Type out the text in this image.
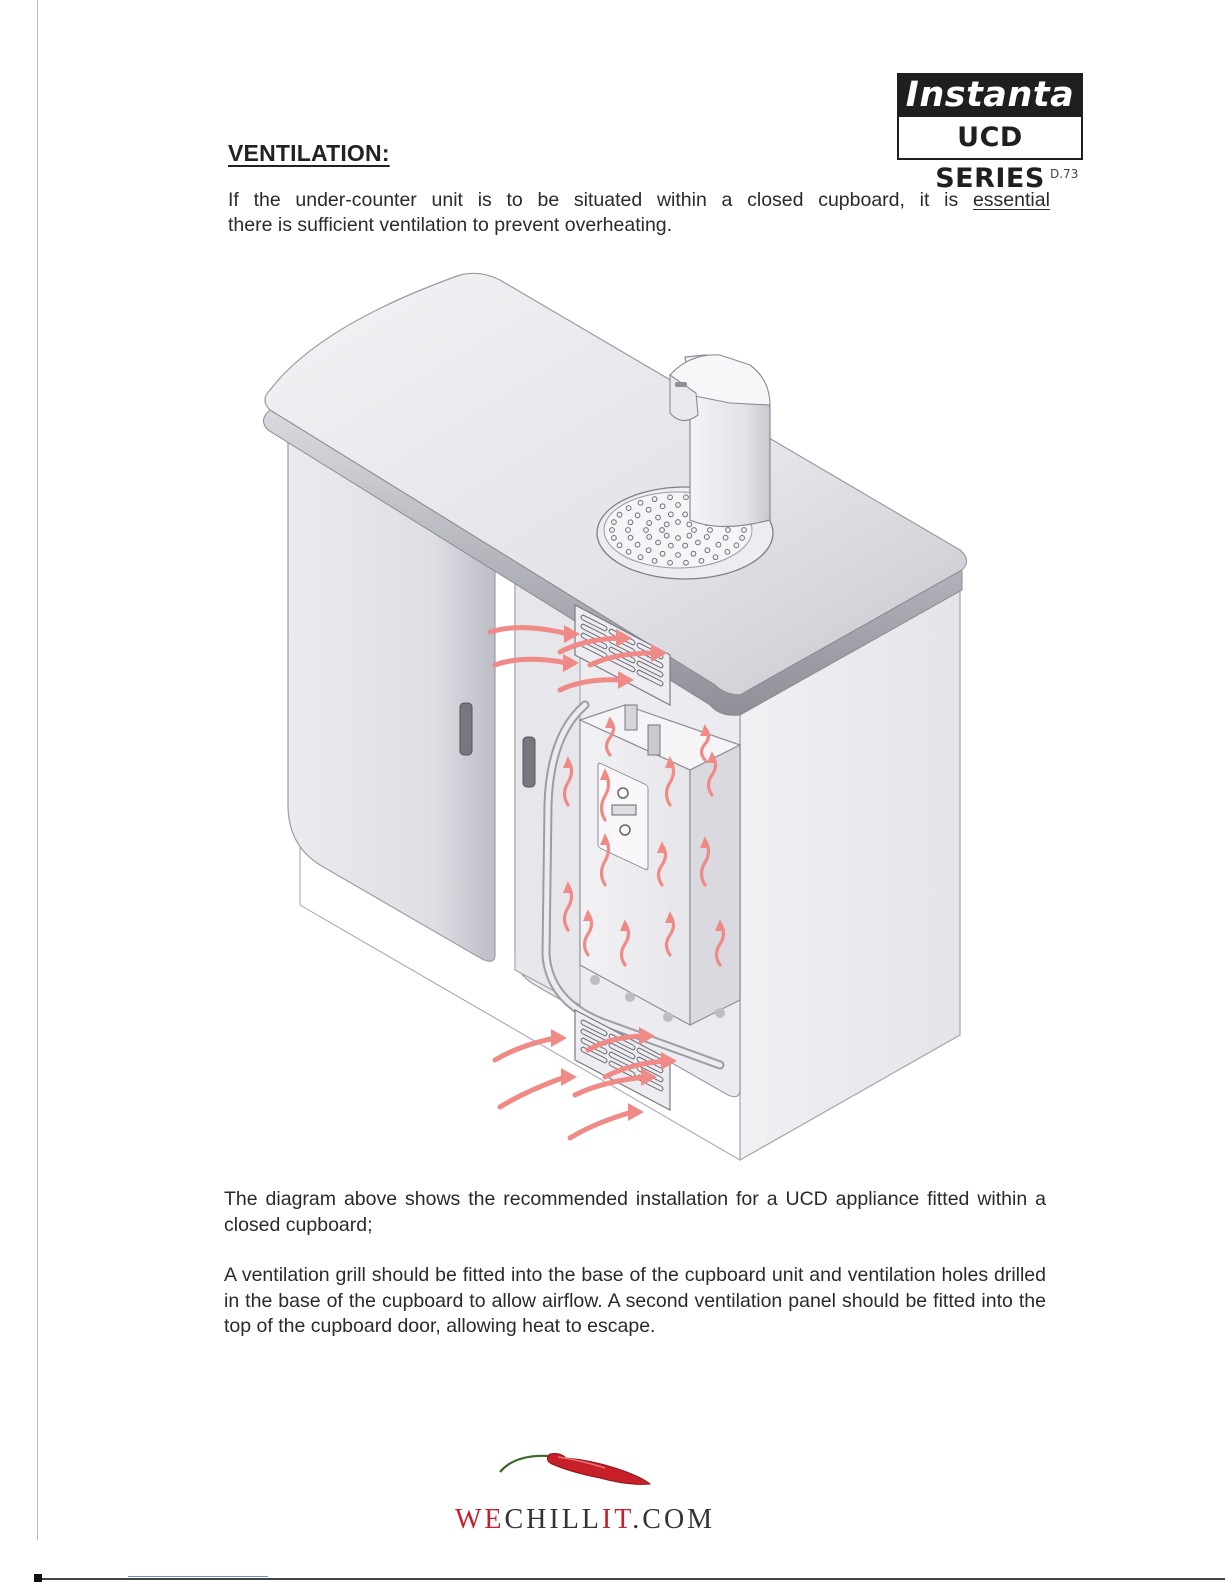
Instanta
UCD SERIES D.73
VENTILATION:
If the under-counter unit is to be situated within a closed cupboard, it is essential
there is sufficient ventilation to prevent overheating.
The diagram above shows the recommended installation for a UCD appliance fitted within a closed cupboard;
A ventilation grill should be fitted into the base of the cupboard unit and ventilation holes drilled in the base of the cupboard to allow airflow. A second ventilation panel should be fitted into the top of the cupboard door, allowing heat to escape.
WECHILLIT.COM
